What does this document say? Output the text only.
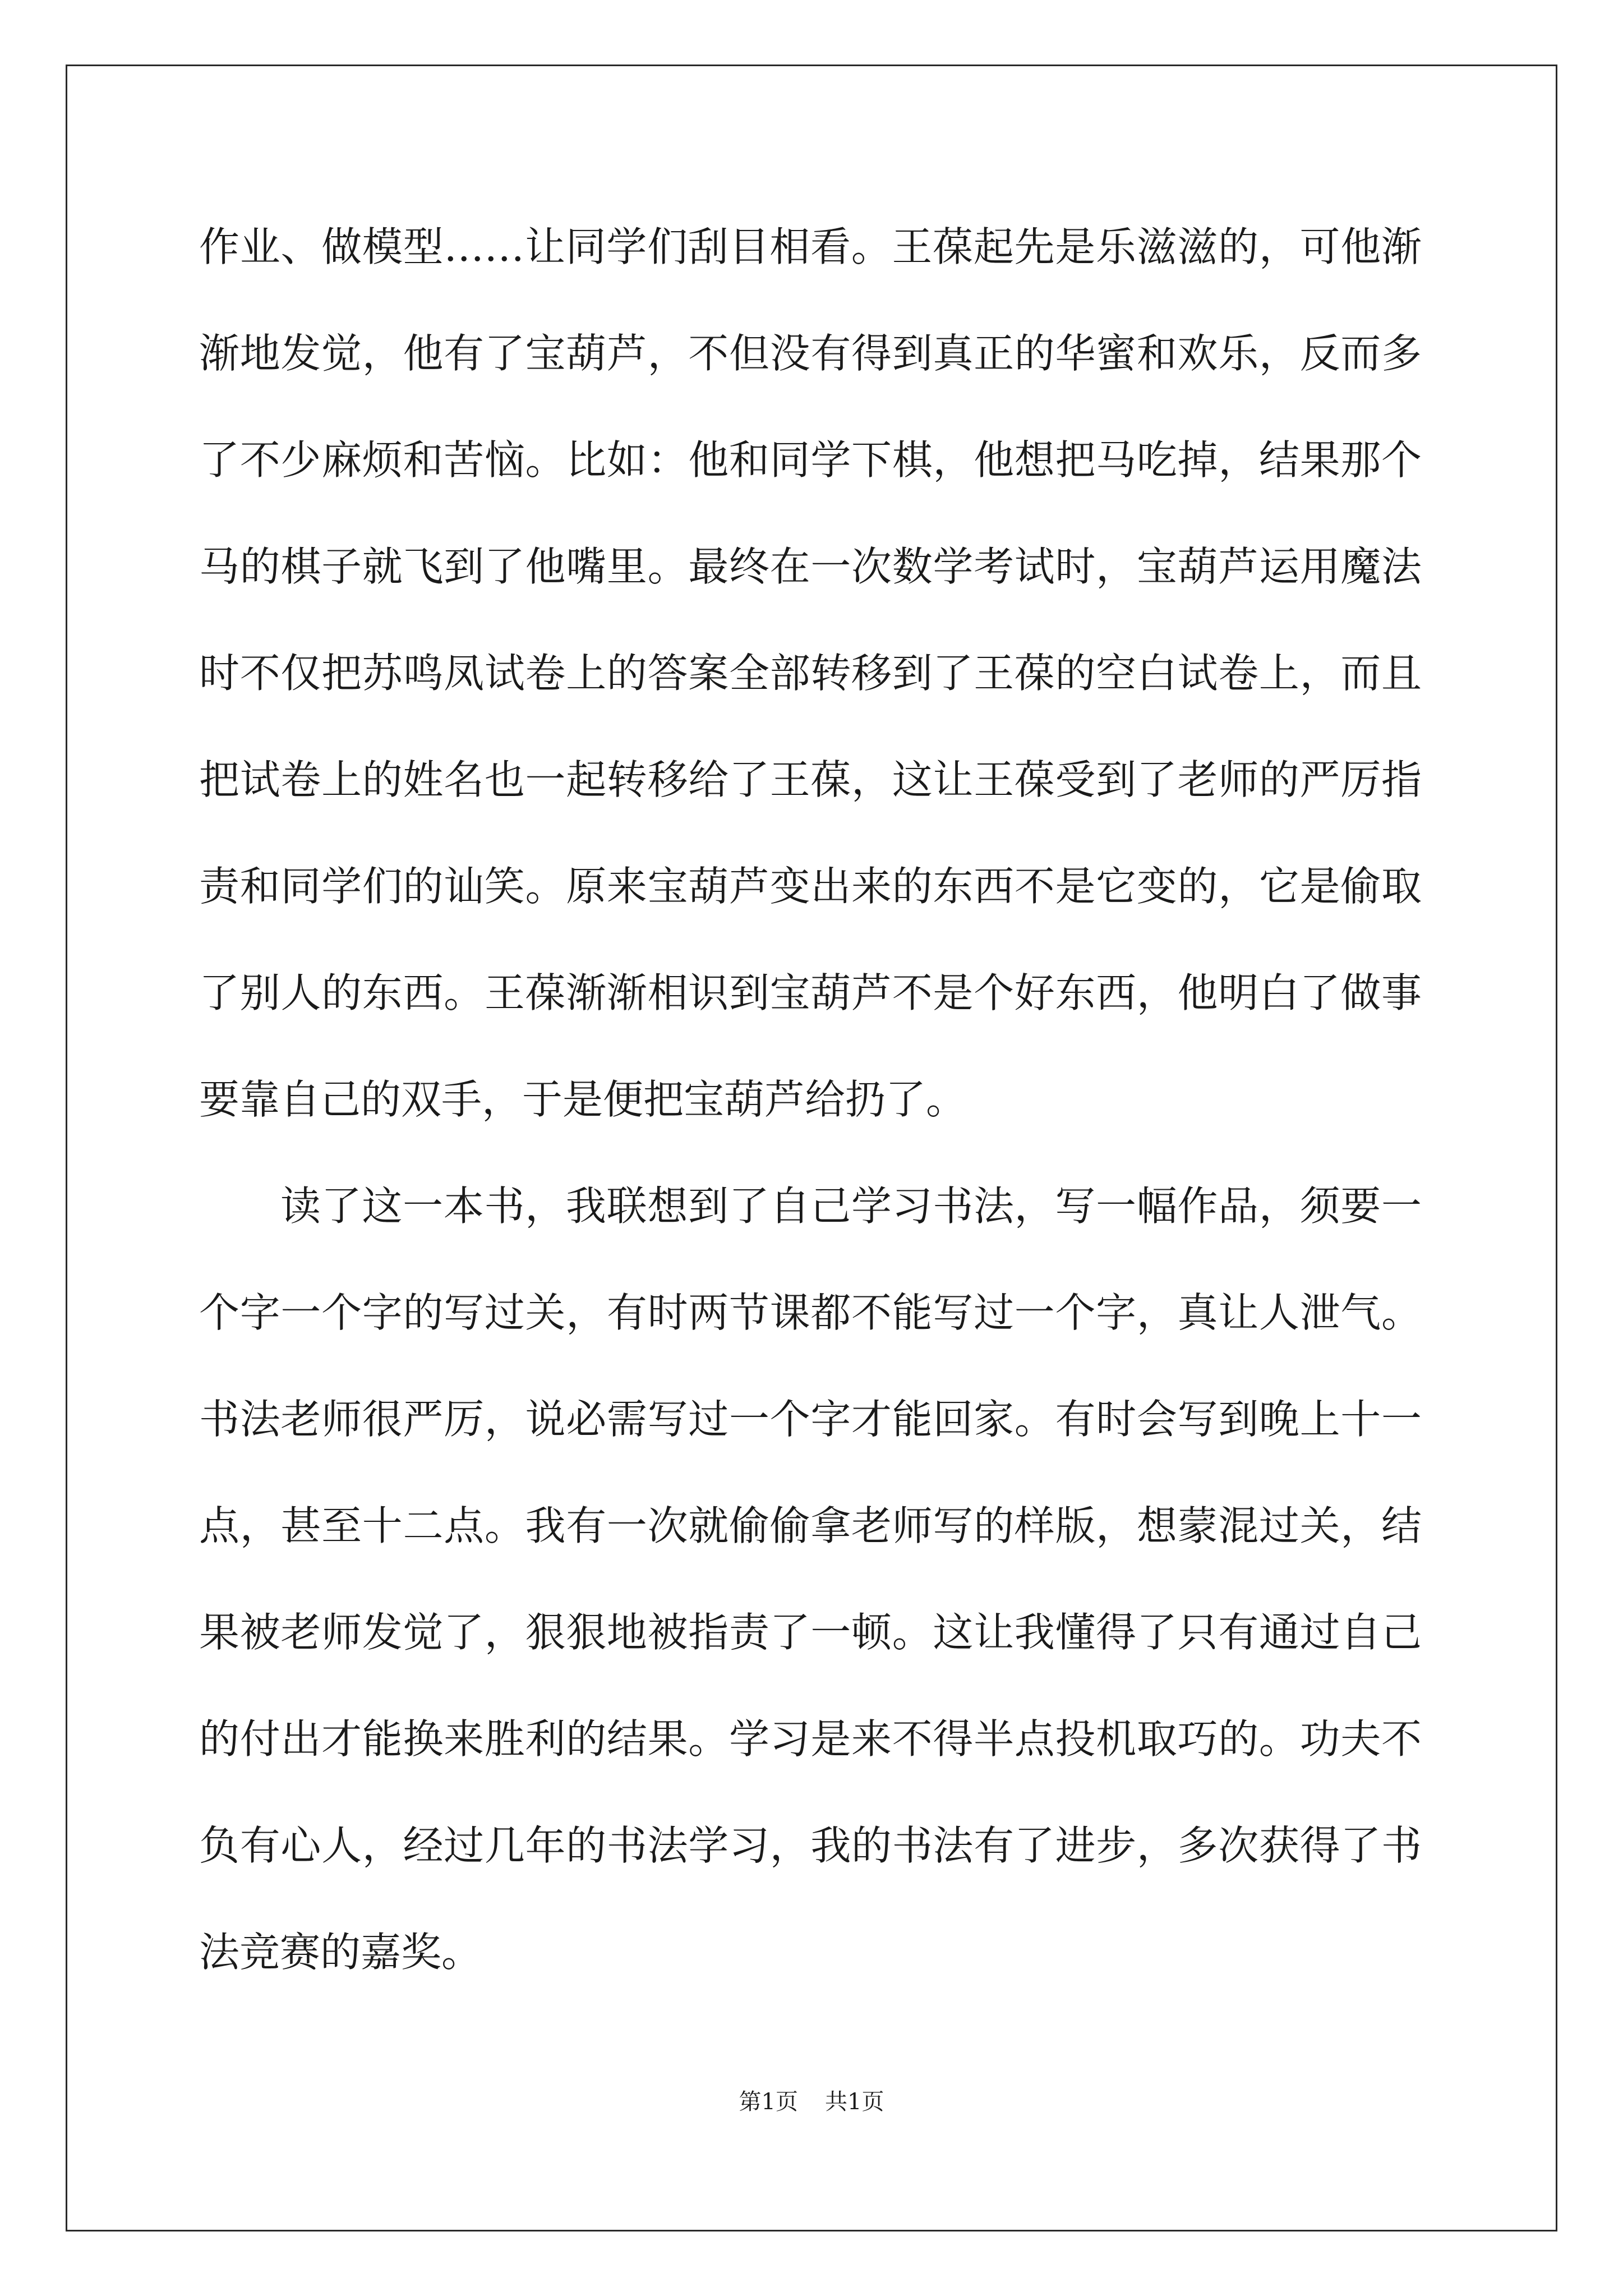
作业、做模型……让同学们刮目相看。王葆起先是乐滋滋的，可他渐
渐地发觉，他有了宝葫芦，不但没有得到真正的华蜜和欢乐，反而多
了不少麻烦和苦恼。比如：他和同学下棋，他想把马吃掉，结果那个
马的棋子就飞到了他嘴里。最终在一次数学考试时，宝葫芦运用魔法
时不仅把苏鸣凤试卷上的答案全部转移到了王葆的空白试卷上，而且
把试卷上的姓名也一起转移给了王葆，这让王葆受到了老师的严厉指
责和同学们的讪笑。原来宝葫芦变出来的东西不是它变的，它是偷取
了别人的东西。王葆渐渐相识到宝葫芦不是个好东西，他明白了做事
要靠自己的双手，于是便把宝葫芦给扔了。
读了这一本书，我联想到了自己学习书法，写一幅作品，须要一
个字一个字的写过关，有时两节课都不能写过一个字，真让人泄气。
书法老师很严厉，说必需写过一个字才能回家。有时会写到晚上十一
点，甚至十二点。我有一次就偷偷拿老师写的样版，想蒙混过关，结
果被老师发觉了，狠狠地被指责了一顿。这让我懂得了只有通过自己
的付出才能换来胜利的结果。学习是来不得半点投机取巧的。功夫不
负有心人，经过几年的书法学习，我的书法有了进步，多次获得了书
法竞赛的嘉奖。
第1页 共1页
